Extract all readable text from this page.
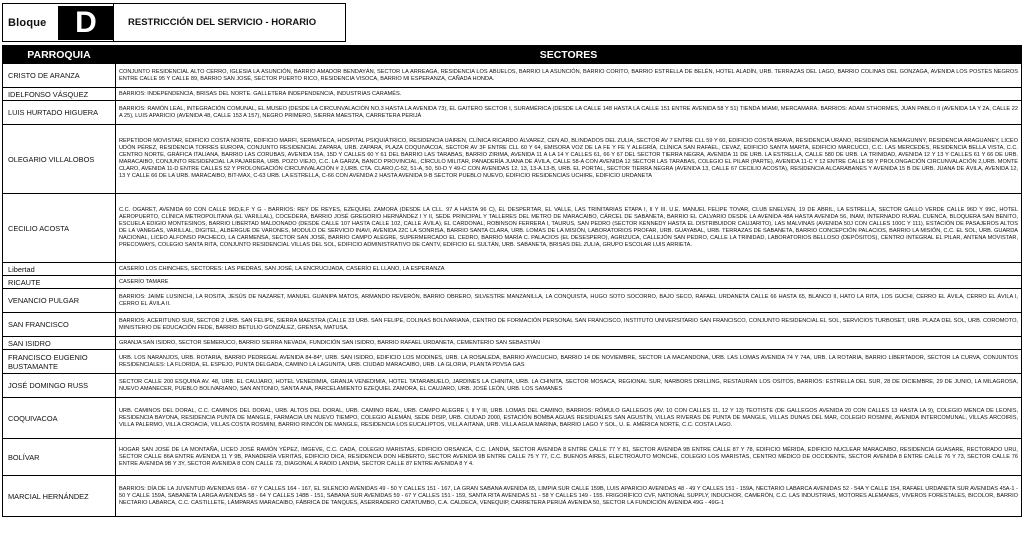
Bloque D	RESTRICCIÓN DEL SERVICIO - HORARIO
PARROQUIA	SECTORES
CRISTO DE ARANZA	CONJUNTO RESIDENCIAL ALTO CERRO, IGLESIA LA ASUNCIÓN, BARRIO AMADOR BENDAYÁN, SECTOR LA ARREAGA, RESIDENCIA LOS ABUELOS, BARRIO LA ASUNCIÓN, BARRIO CORITO, BARRIO ESTRELLA DE BELÉN, HOTEL ALADÍN, URB. TERRAZAS DEL LAGO, BARRIO COLINAS DEL GONZAGA, AVENIDA LOS POSTES NEGROS ENTRE CALLE 95 Y CALLE 89, BARRIO SAN JOSÉ, SECTOR PUERTO RICO, RESIDENCIA VISOCA, BARRIO MI ESPERANZA, CAÑADA HONDA.
IDELFONSO VÁSQUEZ	BARRIOS: INDEPENDENCIA, BRISAS DEL NORTE. GALLETERA INDEPENDENCIA, INDUSTRIAS CARAMÉS.
LUIS HURTADO HIGUERA	BARRIOS: RAMÓN LEAL, INTEGRACIÓN COMUNAL, EL MUSEO (DESDE LA CIRCUNVALACIÓN NO.3 HASTA LA AVENIDA 73), EL GAITERO SECTOR I, SURAMÉRICA (DESDE LA CALLE 148 HASTA LA CALLE 151 ENTRE AVENIDA 58 Y 51) TIENDA MIAMI, MERCAMARA. BARRIOS: ADAM STHORMES, JUAN PABLO II (AVENIDA 1A Y 2A, CALLE 22 A 25), LUIS APARICIO (AVENIDA 48, CALLE 153 A 157), NEGRO PRIMERO, SIERRA MAESTRA, CARRETERA PERIJÁ
OLEGARIO VILLALOBOS	REPETIDOR MOVISTAR, EDIFICIO COSTA NORTE, EDIFICIO MARFI, SERMATECA, HOSPITAL PSIQUIÁTRICO, RESIDENCIA UAIREN, CLÍNICA RICARDO ÁLVAREZ, CEN AD, BLINDADOS DEL ZULIA, SECTOR AV 7 ENTRE CLL 59 Y 60, EDIFICIO COSTA BRAVA, RESIDENCIA URANO, RESIDENCIA NEMAGUNNY, RESIDENCIA ARAGUANEY, LICEO UDÓN PÉREZ, RESIDENCIA TORRES EUROPA, CONJUNTO RESIDENCIAL ZAPARA, URB. ZAPARA, PLAZA COQUIVACOA, SECTOR AV 3F ENTRE CLL 60 Y 64, EMISORA VOZ DE LA FE Y FE Y ALEGRÍA, CLÍNICA SAN RAFAEL, CEVAZ, EDIFICIO SANTA MARTA, EDIFICIO MARCUCCI, C.C. LAS MERCEDES, RESIDENCIA BELLA VISTA, C.C. CENTRO NORTE, GRÁFICA ITALIANA, BARRIO LAS CORUBAS, AVENIDA 15A, 15D Y CALLES 60 Y 61 DEL BARRIO LAS TARABAS, BARRIO ZIRIMA, AVENIDA 11 A LA 14 Y CALLES 61, 66 Y 67 DEL SECTOR TIERRA NEGRA, AVENIDA 11 DE URB. LA ESTRELLA, CALLE 580 DE URB. LA TRINIDAD, AVENIDA 12 Y 13 Y CALLES 61 Y 66 DE URB. MARACAIBO, CONJUNTO RESIDENCIAL LA PAJARERA, URB. POZO VIEJO, C.C. LA GARZA, BANCO PROVINCIAL, CÍRCULO MILITAR, PANADERÍA JUANA DE ÁVILA, CALLE 58-A CON AVENIDA 12 SECTOR LAS TARABAS, COLEGIO EL PILAR (PARTE), AVENIDA 11-C Y 12 ENTRE CALLE 58 Y PROLONGACIÓN CIRCUNVALACIÓN 2,URB. MONTE CLARO, AVENIDA 11-D ENTRE CALLES 52 Y PROLONGACIÓN CIRCUNVALACIÓN # 2,URB. CTA. CLARO,C-52, 51-A, 50, 50-D Y 49-C CON AVENIDAS 12, 13, 13-A 13-B, URB. EL PORTAL, SECTOR TIERRA NEGRA (AVENIDA 13, CALLE 67 CECILIO ACOSTA), RESIDENCIA ALCARABANES Y AVENIDA 15 B DE URB. JUANA DE ÁVILA, AVENIDA 12, 13 Y CALLE 66 DE LA URB. MARACAIBO, BIT-MAX, C-63 URB. LA ESTRELLA, C-66 CON AVENIDA 2 HASTA AVENIDA 9-B SECTOR PUEBLO NUEVO, EDIFICIO RESIDENCIAS UCHIRE, EDIFICIO URDANETA
CECILIO ACOSTA	C.C. OGARET, AVENIDA 60 CON CALLE 96D,E,F Y G - BARRIOS: REY DE REYES, EZEQUIEL ZAMORA (DESDE LA CLL. 97 A HASTA 96 C), EL DESPERTAR, EL VALLE, LAS TRINITARIAS ETAPA I, II Y III. U.E. MANUEL FELIPE TOVAR, CLUB ENELVEN, 19 DE ABRIL, LA ESTRELLA, SECTOR GALLO VERDE CALLE 96D Y 99C, HOTEL AEROPUERTO, CLÍNICA METROPOLITANA (EL VARILLAL), COCEDERA, BARRIO JOSÉ GREGORIO HERNÁNDEZ I Y II, SEDE PRINCIPAL Y TALLERES DEL METRO DE MARACAIBO, CÁRCEL DE SABANETA, BARRIO EL CALVARIO DESDE LA AVENIDA 48A HASTA AVENIDA 56, INAM, INTERNADO RURAL CUENCA, BLOQUERA SAN BENITO, ESCUELA EDIGIO MONTESINOS, BARRIO LIBERTAD MALDONADO (DESDE CALLE 107 HASTA CALLE 102, CALLE ÁVILA), EL CARDONAL, ROBINSON FERRERA I, TAURUS, SAN PEDRO (SECTOR KENNEDY HASTA EL DISTRIBUIDOR CAUJARITO), LAS MALVINAS (AVENIDA 50J CON CALLES 100C Y 111), ESTACIÓN DE PASAJEROS ALTOS DE LA VANEGAS, VARILLAL, DIGITEL, ALBERGUE DE VARONES, MODULO DE SERVICIO INAVI, AVENIDA 22C LA SONRISA, BARRIO SANTA CLARA, URB. LOMAS DE LA MISIÓN, LABORATORIOS PROFAR, URB. GUAYABAL, URB. TERRAZAS DE SABANETA, BARRIO CONCEPCIÓN PALACIOS, BARRIO LA MISIÓN, C.C. EL SOL, URB. GUARDA NACIONAL, LICEO ALFONSO PACHECO, LA CARMENSA, SECTOR SAN JOSÉ, BARRIO CAMPO ALEGRE, SUPERMERCADO EL CEDRO, BARRIO MARÍA C. PALACIOS (EL DESESPERO), AGRIZUCA, CALLEJÓN SAN PEDRO, CALLE LA TRINIDAD, LABORATORIOS BELLOSO (DEPÓSITOS), CENTRO INTEGRAL EL PILAR, ANTENA MOVISTAR, PRECOWAYS, COLEGIO SANTA RITA, CONJUNTO RESIDENCIAL VILLAS DEL SOL, EDIFICIO ADMINISTRATIVO DE CANTV, EDIFICIO EL SULTÁN, URB. SABANETA, BRISAS DEL ZULIA, GRUPO ESCOLAR LUIS ARRIETA.
Libertad	CASERÍO LOS CHINCHES, SECTORES: LAS PIEDRAS, SAN JOSÉ, LA ENCRUCIJADA, CASERÍO EL LLANO, LA ESPERANZA
RICAUTE	CASERÍO TAMARE
VENANCIO PULGAR	BARRIOS: JAIME LUSINCHI, LA ROSITA, JESÚS DE NAZARET, MANUEL GUANIPA MATOS, ARMANDO REVERÓN, BARRIO OBRERO, SILVESTRE MANZANILLA, LA CONQUISTA, HUGO SOTO SOCORRO, BAJO SECO, RAFAEL URDANETA CALLE 66 HASTA 65, BLANCO II, HATO LA RITA, LOS GUCHI, CERRO EL ÁVILA, CERRO EL ÁVILA I, CERRO EL ÁVILA II.
SAN FRANCISCO	BARRIOS: ACERITUNO SUR, SECTOR 2 URB. SAN FELIPE, SIERRA MAESTRA (CALLE 33 URB. SAN FELIPE, COLINAS BOLIVARIANA, CENTRO DE FORMACIÓN PERSONAL SAN FRANCISCO, INSTITUTO UNIVERSITARIO SAN FRANCISCO, CONJUNTO RESIDENCIAL EL SOL, SERVICIOS TURBOSET, URB. PLAZA DEL SOL, URB. COROMOTO, MINISTERIO DE EDUCACIÓN FEDE, BARRIO BETULIO GONZÁLEZ, GRENSA, MATUSA.
SAN ISIDRO	GRANJA SAN ISIDRO, SECTOR SEMERUCO, BARRIO SIERRA NEVADA, FUNDICIÓN SAN ISIDRO, BARRIO RAFAEL URDANETA, CEMENTERIO SAN SEBASTIÁN
FRANCISCO EUGENIO BUSTAMANTE	URB. LOS NARANJOS, URB. ROTARIA, BARRIO PEDREGAL AVENIDA 84-84*, URB. SAN ISIDRO, EDIFICIO LOS MODINES, URB. LA ROSALEDA, BARRIO AYACUCHO, BARRIO 14 DE NOVIEMBRE, SECTOR LA MACANDONA, URB. LAS LOMAS AVENIDA 74 Y 74A, URB. LA ROTARIA, BARRIO LIBERTADOR, SECTOR LA CURVA, CONJUNTOS RESIDENCIALES: LA FLORIDA, EL ESPEJO, PUNTA DELGADA, CAMINO LA LAGUNITA, URB. CIUDAD MARACAIBO, URB. LA GLORIA, PLANTA PDVSA GAS
JOSÉ DOMINGO RUSS	SECTOR CALLE 200 ESQUINA AV. 48, URB. EL CAUJARO, HOTEL VENEDIMIA, GRANJA VENEDIMIA, HOTEL TATARABUELO, JARDINES LA CHINITA, URB. LA CHINITA, SECTOR MOSACA, REGIONAL SUR, NARBORS DRILLING, RESTAURAN LOS OSITOS, BARRIOS: ESTRELLA DEL SUR, 28 DE DICIEMBRE, 29 DE JUNIO, LA MILAGROSA, NUEVO AMANECER, PUEBLO BOLIVARIANO, SAN ANTONIO, SANTA ANA, PARCELAMIENTO EZEQUIEL ZAMORA, EL CAUJARO, URB. JOSÉ LEÓN, URB. LOS SAMANES
COQUIVACOA	URB. CAMINOS DEL DORAL, C.C. CAMINOS DEL DORAL, URB. ALTOS DEL DORAL, URB. CAMINO REAL, URB. CAMPO ALEGRE I, II Y III, URB. LOMAS DEL CAMINO, BARRIOS: RÓMULO GALLEGOS (AV. 10 CON CALLES 11, 12 Y 13) TEOTISTE (DE GALLEGOS AVENIDA 20 CON CALLES 13 HASTA LA 9), COLEGIO MENCA DE LEONIS, RESIDENCIA BAYONA, RESIDENCIA PUNTA DE MANGLE, FARMACIA UN NUEVO TIEMPO, COLEGIO ALEMÁN, SEDE DISIP, URB. CIUDAD 2000, ESTACIÓN BOMBA AGUAS RESIDUALES SAN AGUSTÍN, VILLAS RIVERAS DE PUNTA DE MANGLE, VILLAS DUNAS DEL MAR, COLEGIO ROSMINI, AVENIDA INTERCOMUNAL, VILLAS ARCOIRIS, VILLA PALERMO, VILLA CROACIA, VILLAS COSTA ROSMINI, BARRIO RINCÓN DE MANGLE, RESIDENCIA LOS EUCALIPTOS, VILLA AITANA, URB. VILLA AGUA MARINA, BARRIO LAGO Y SOL, U. E. AMÉRICA NORTE, C.C. COSTA LAGO.
BOLÍVAR	HOGAR SAN JOSÉ DE LA MONTAÑA, LICEO JOSÉ RAMÓN YÉPEZ, IMGEVE, C.C. CADA, COLEGIO MARISTAS, EDIFICIO ORSANCA, C.C. LANDIA, SECTOR AVENIDA 8 ENTRE CALLE 77 Y 81, SECTOR AVENIDA 9B ENTRE CALLE 87 Y 78, EDIFICIO MÉRIDA, EDIFICIO NUCLEAR MARACAIBO, RESIDENCIA GUASARE, RECTORADO URU, SECTOR CALLE 86A ENTRE AVENIDA 11 Y 9B, PANADERÍA VERITAS, EDIFICIO DICA, RESIDENCIA DON HEBERTO, SECTOR AVENIDA 9B ENTRE CALLE 75 Y 77, C.C. BUENOS AIRES, ELECTROAUTO MONCHE, COLEGIO LOS MARISTAS, CENTRO MÉDICO DE OCCIDENTE, SECTOR AVENIDA 8 ENTRE CALLE 76 Y 73, SECTOR CALLE 76 ENTRE AVENIDA 9B Y 3Y, SECTOR AVENIDA 8 CON CALLE 73, DIAGONAL A RADIO LANDIA, SECTOR CALLE 87 ENTRE AVENIDA 8 Y 4.
MARCIAL HERNÁNDEZ	BARRIOS: DÍA DE LA JUVENTUD AVENIDAS 65A - 67 Y CALLES 164 - 167, EL SILENCIO AVENIDAS 49 - 50 Y CALLES 151 - 167, LA GRAN SABANA AVENIDA 65, LIMPIA SUR CALLE 159B, LUIS APARICIO AVENIDAS 48 - 49 Y CALLES 151 - 159A, NECTARIO LABARCA AVENIDAS 52 - 54A Y CALLE 154, RAFAEL URDANETA SUR AVENIDAS 45A-1 - 50 Y CALLE 159A, SABANETA LARGA AVENIDAS 58 - 64 Y CALLES 148B - 151, SABANA SUR AVENIDAS 59 - 67 Y CALLES 151 - 159, SANTA RITA AVENIDAS 51 - 58 Y CALLES 149 - 155. FRIGORÍFICO CVF, NATIONAL SUPPLY, INDUCHOR, CAMERÓN, C.C. LAS INDUSTRIAS, MOTORES ALEMANES, VIVEROS FORESTALES, BICOLOR, BARRIO NECTARIO LABARCA, C.C. CASTILLETE, LÁMPARAS MARACAIBO, FÁBRICA DE TANQUES, ASERRADERO CATATUMBO, C.A. CALDECA, VENEQUIP, CARRETERA PERIJÁ AVENIDA 50, SECTOR LA FUNDICIÓN AVENIDA 49G - 49G-1
